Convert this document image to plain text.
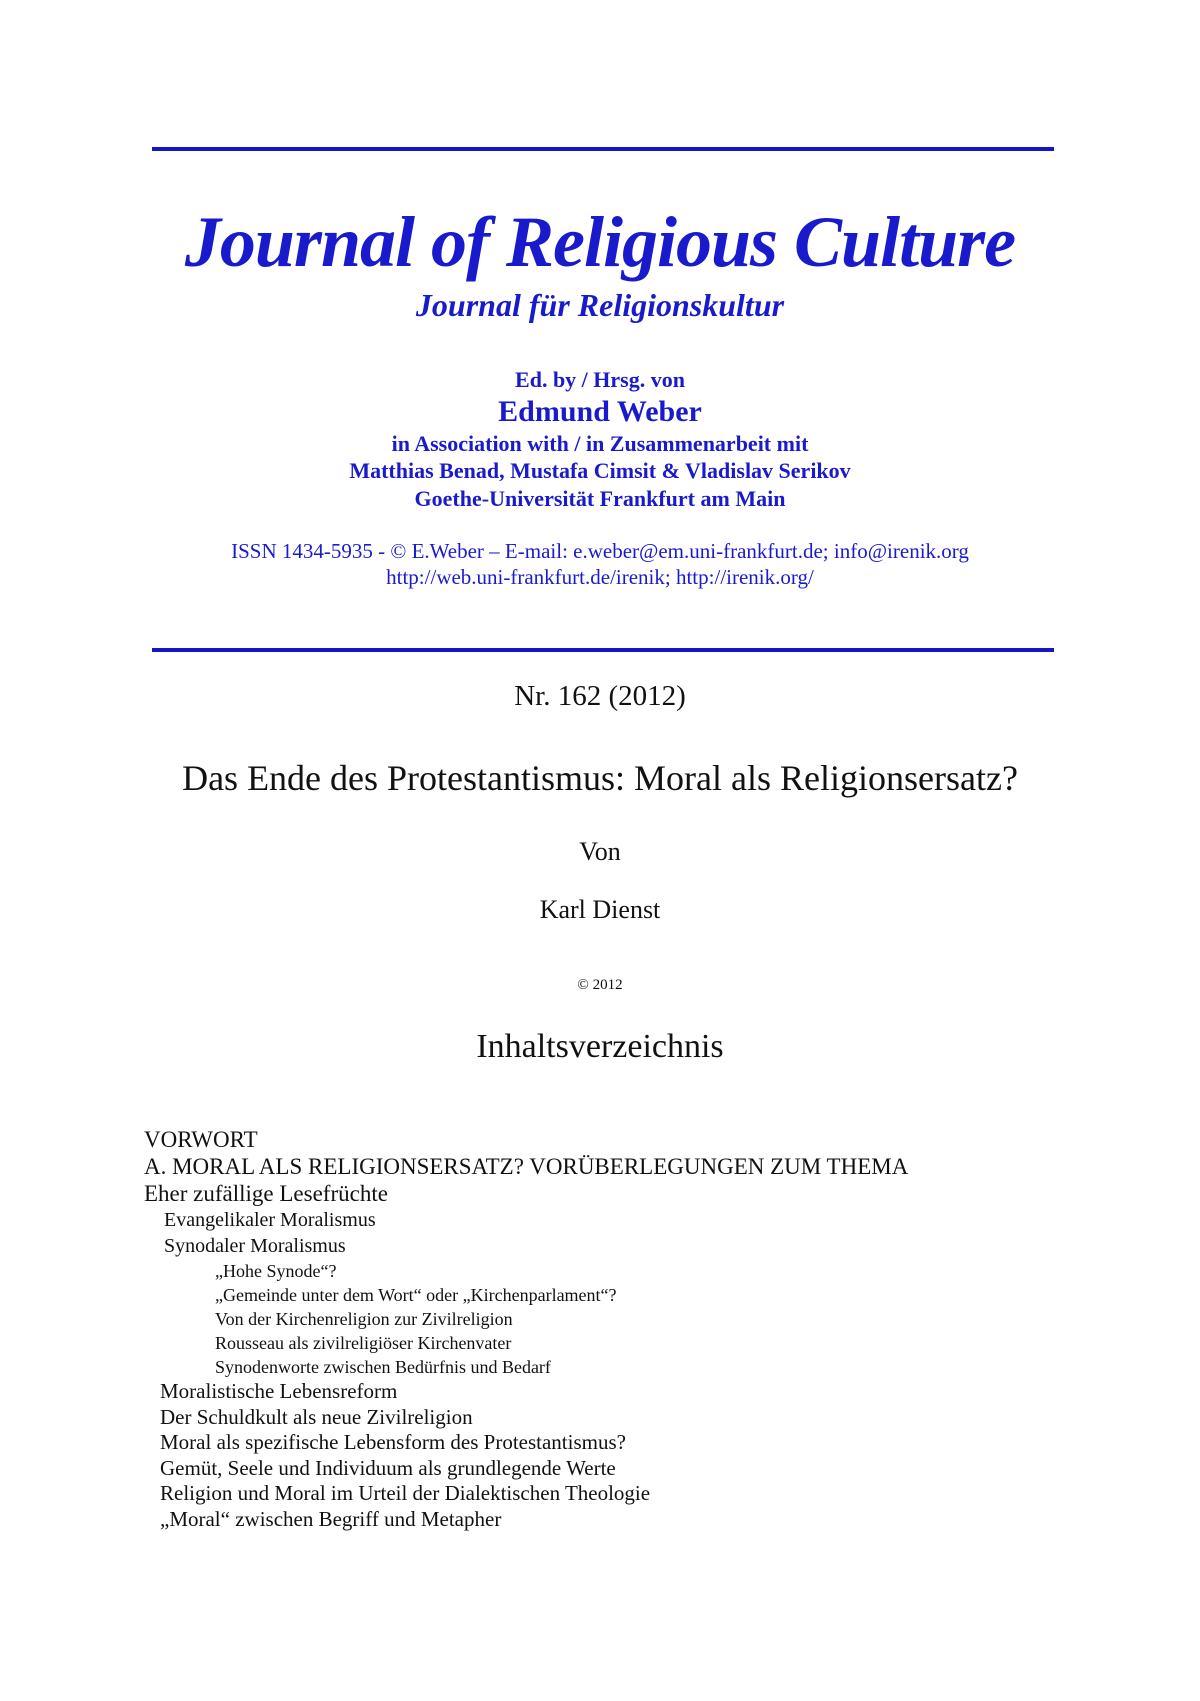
Journal of Religious Culture
Journal für Religionskultur
Ed. by / Hrsg. von
Edmund Weber
in Association with / in Zusammenarbeit mit
Matthias Benad, Mustafa Cimsit & Vladislav Serikov
Goethe-Universität Frankfurt am Main
ISSN 1434-5935 - © E.Weber – E-mail: e.weber@em.uni-frankfurt.de; info@irenik.org
http://web.uni-frankfurt.de/irenik; http://irenik.org/
Nr. 162 (2012)
Das Ende des Protestantismus: Moral als Religionsersatz?
Von
Karl Dienst
© 2012
Inhaltsverzeichnis
VORWORT
A. MORAL ALS RELIGIONSERSATZ? VORÜBERLEGUNGEN ZUM THEMA
Eher zufällige Lesefrüchte
Evangelikaler Moralismus
Synodaler Moralismus
„Hohe Synode“?
„Gemeinde unter dem Wort“ oder „Kirchenparlament“?
Von der Kirchenreligion zur Zivilreligion
Rousseau als zivilreligiöser Kirchenvater
Synodenworte zwischen Bedürfnis und Bedarf
Moralistische Lebensreform
Der Schuldkult als neue Zivilreligion
Moral als spezifische Lebensform des Protestantismus?
Gemüt, Seele und Individuum als grundlegende Werte
Religion und Moral im Urteil der Dialektischen Theologie
„Moral“ zwischen Begriff und Metapher
